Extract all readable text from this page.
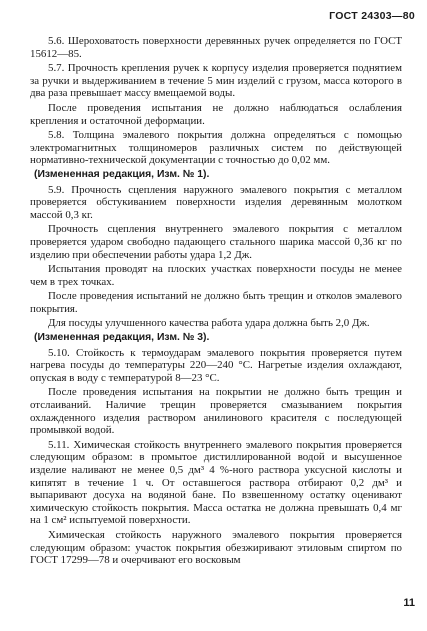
ГОСТ 24303—80

5.6. Шероховатость поверхности деревянных ручек определяется по ГОСТ 15612—85.

5.7. Прочность крепления ручек к корпусу изделия проверяется поднятием за ручки и выдерживанием в течение 5 мин изделий с грузом, масса которого в два раза превышает массу вмещаемой воды.

После проведения испытания не должно наблюдаться ослабления крепления и остаточной деформации.

5.8. Толщина эмалевого покрытия должна определяться с помощью электромагнитных толщиномеров различных систем по действующей нормативно-технической документации с точностью до 0,02 мм.

(Измененная редакция, Изм. № 1).

5.9. Прочность сцепления наружного эмалевого покрытия с металлом проверяется обстукиванием поверхности изделия деревянным молотком массой 0,3 кг.

Прочность сцепления внутреннего эмалевого покрытия с металлом проверяется ударом свободно падающего стального шарика массой 0,36 кг по изделию при обеспечении работы удара 1,2 Дж.

Испытания проводят на плоских участках поверхности посуды не менее чем в трех точках.

После проведения испытаний не должно быть трещин и отколов эмалевого покрытия.

Для посуды улучшенного качества работа удара должна быть 2,0 Дж.

(Измененная редакция, Изм. № 3).

5.10. Стойкость к термоударам эмалевого покрытия проверяется путем нагрева посуды до температуры 220—240 °С. Нагретые изделия охлаждают, опуская в воду с температурой 8—23 °С.

После проведения испытания на покрытии не должно быть трещин и отслаиваний. Наличие трещин проверяется смазыванием покрытия охлажденного изделия раствором анилинового красителя с последующей промывкой водой.

5.11. Химическая стойкость внутреннего эмалевого покрытия проверяется следующим образом: в промытое дистиллированной водой и высушенное изделие наливают не менее 0,5 дм³ 4 %-ного раствора уксусной кислоты и кипятят в течение 1 ч. От оставшегося раствора отбирают 0,2 дм³ и выпаривают досуха на водяной бане. По взвешенному остатку оценивают химическую стойкость покрытия. Масса остатка не должна превышать 0,4 мг на 1 см² испытуемой поверхности.

Химическая стойкость наружного эмалевого покрытия проверяется следующим образом: участок покрытия обезжиривают этиловым спиртом по ГОСТ 17299—78 и очерчивают его восковым

11
